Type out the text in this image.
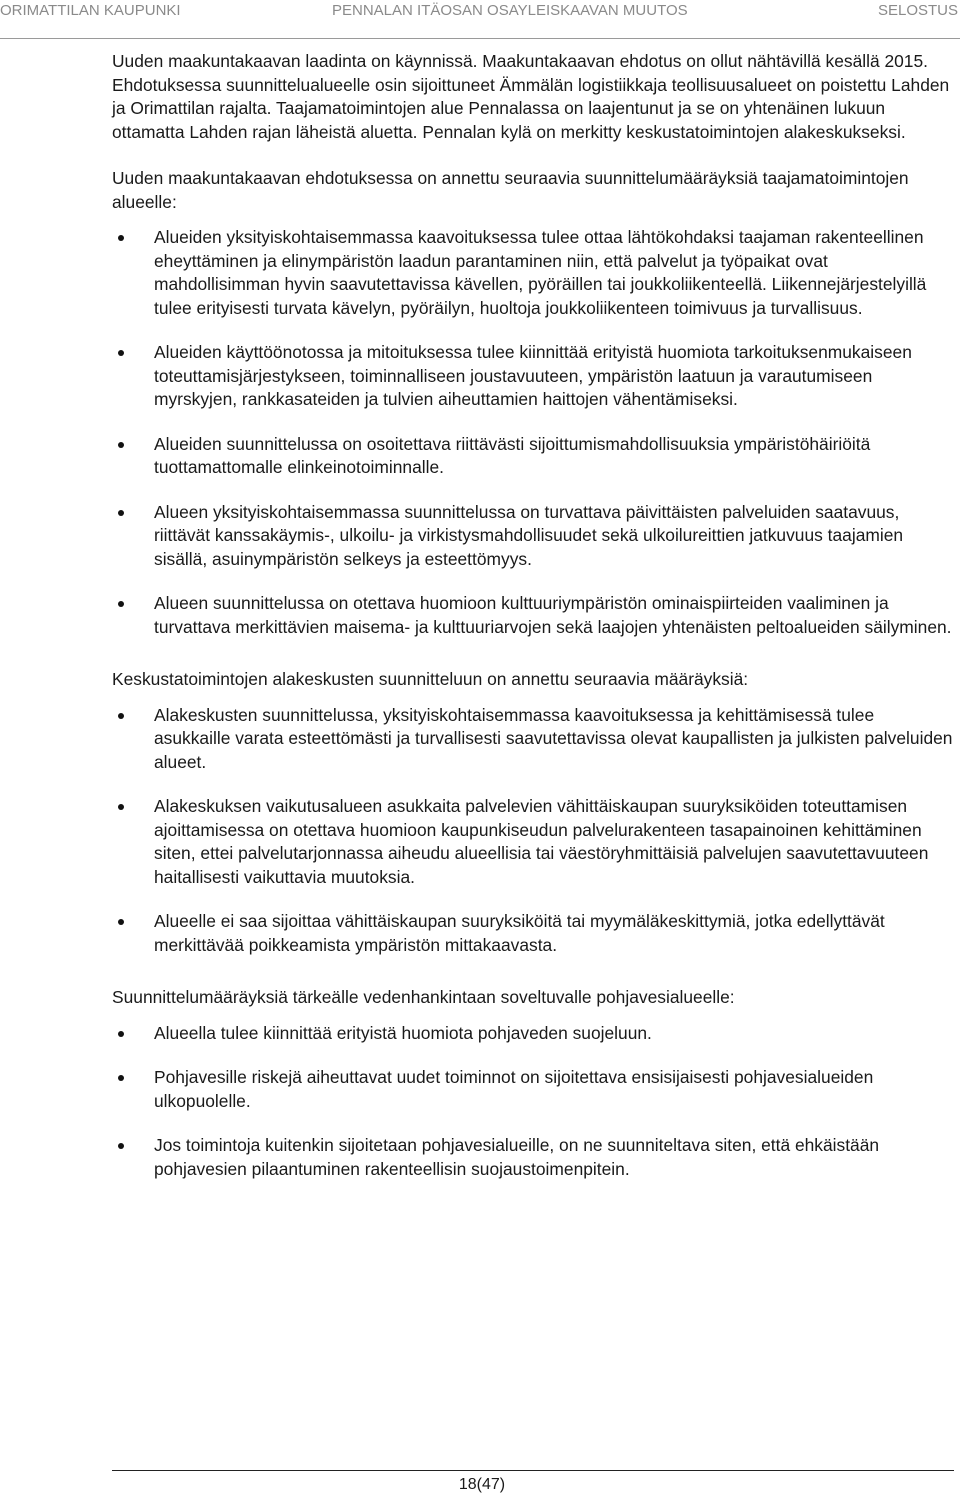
ORIMATTILAN KAUPUNKI	PENNALAN ITÄOSAN OSAYLEISKAAVAN MUUTOS	SELOSTUS

Uuden maakuntakaavan laadinta on käynnissä. Maakuntakaavan ehdotus on ollut nähtävillä kesällä 2015. Ehdotuksessa suunnittelualueelle osin sijoittuneet Ämmälän logistiikkaja teollisuusalueet on poistettu Lahden ja Orimattilan rajalta. Taajamatoimintojen alue Pennalassa on laajentunut ja se on yhtenäinen lukuun ottamatta Lahden rajan läheistä aluetta. Pennalan kylä on merkitty keskustatoimintojen alakeskukseksi.

Uuden maakuntakaavan ehdotuksessa on annettu seuraavia suunnittelumääräyksiä taajamatoimintojen alueelle:

Alueiden yksityiskohtaisemmassa kaavoituksessa tulee ottaa lähtökohdaksi taajaman rakenteellinen eheyttäminen ja elinympäristön laadun parantaminen niin, että palvelut ja työpaikat ovat mahdollisimman hyvin saavutettavissa kävellen, pyöräillen tai joukkoliikenteellä. Liikennejärjestelyillä tulee erityisesti turvata kävelyn, pyöräilyn, huoltoja joukkoliikenteen toimivuus ja turvallisuus.
Alueiden käyttöönotossa ja mitoituksessa tulee kiinnittää erityistä huomiota tarkoituksenmukaiseen toteuttamisjärjestykseen, toiminnalliseen joustavuuteen, ympäristön laatuun ja varautumiseen myrskyjen, rankkasateiden ja tulvien aiheuttamien haittojen vähentämiseksi.
Alueiden suunnittelussa on osoitettava riittävästi sijoittumismahdollisuuksia ympäristöhäiriöitä tuottamattomalle elinkeinotoiminnalle.
Alueen yksityiskohtaisemmassa suunnittelussa on turvattava päivittäisten palveluiden saatavuus, riittävät kanssakäymis-, ulkoilu- ja virkistysmahdollisuudet sekä ulkoilureittien jatkuvuus taajamien sisällä, asuinympäristön selkeys ja esteettömyys.
Alueen suunnittelussa on otettava huomioon kulttuuriympäristön ominaispiirteiden vaaliminen ja turvattava merkittävien maisema- ja kulttuuriarvojen sekä laajojen yhtenäisten peltoalueiden säilyminen.

Keskustatoimintojen alakeskusten suunnitteluun on annettu seuraavia määräyksiä:

Alakeskusten suunnittelussa, yksityiskohtaisemmassa kaavoituksessa ja kehittämisessä tulee asukkaille varata esteettömästi ja turvallisesti saavutettavissa olevat kaupallisten ja julkisten palveluiden alueet.
Alakeskuksen vaikutusalueen asukkaita palvelevien vähittäiskaupan suuryksiköiden toteuttamisen ajoittamisessa on otettava huomioon kaupunkiseudun palvelurakenteen tasapainoinen kehittäminen siten, ettei palvelutarjonnassa aiheudu alueellisia tai väestöryhmittäisiä palvelujen saavutettavuuteen haitallisesti vaikuttavia muutoksia.
Alueelle ei saa sijoittaa vähittäiskaupan suuryksiköitä tai myymäläkeskittymiä, jotka edellyttävät merkittävää poikkeamista ympäristön mittakaavasta.

Suunnittelumääräyksiä tärkeälle vedenhankintaan soveltuvalle pohjavesialueelle:

Alueella tulee kiinnittää erityistä huomiota pohjaveden suojeluun.
Pohjavesille riskejä aiheuttavat uudet toiminnot on sijoitettava ensisijaisesti pohjavesialueiden ulkopuolelle.
Jos toimintoja kuitenkin sijoitetaan pohjavesialueille, on ne suunniteltava siten, että ehkäistään pohjavesien pilaantuminen rakenteellisin suojaustoimenpitein.
18(47)
